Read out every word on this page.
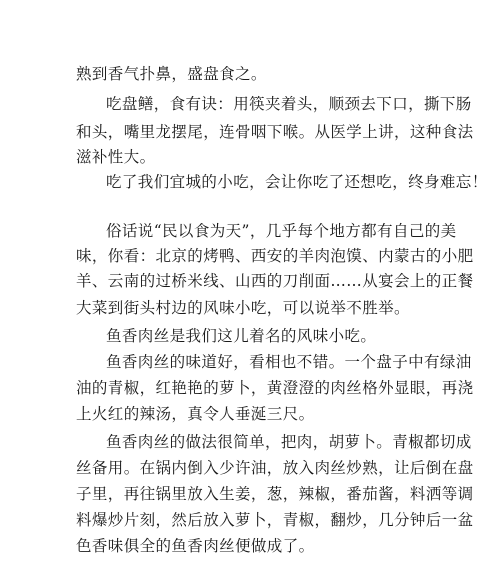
熟到香气扑鼻，盛盘食之。
吃盘鳝，食有诀：用筷夹着头，顺颈去下口，撕下肠
和头，嘴里龙摆尾，连骨咽下喉。从医学上讲，这种食法
滋补性大。
吃了我们宜城的小吃，会让你吃了还想吃，终身难忘！
俗话说“民以食为天”，几乎每个地方都有自己的美
味，你看：北京的烤鸭、西安的羊肉泡馍、内蒙古的小肥
羊、云南的过桥米线、山西的刀削面……从宴会上的正餐
大菜到街头村边的风味小吃，可以说举不胜举。
鱼香肉丝是我们这儿着名的风味小吃。
鱼香肉丝的味道好，看相也不错。一个盘子中有绿油
油的青椒，红艳艳的萝卜，黄澄澄的肉丝格外显眼，再浇
上火红的辣汤，真令人垂涎三尺。
鱼香肉丝的做法很简单，把肉，胡萝卜。青椒都切成
丝备用。在锅内倒入少许油，放入肉丝炒熟，让后倒在盘
子里，再往锅里放入生姜，葱，辣椒，番茄酱，料洒等调
料爆炒片刻，然后放入萝卜，青椒，翻炒，几分钟后一盆
色香味俱全的鱼香肉丝便做成了。
